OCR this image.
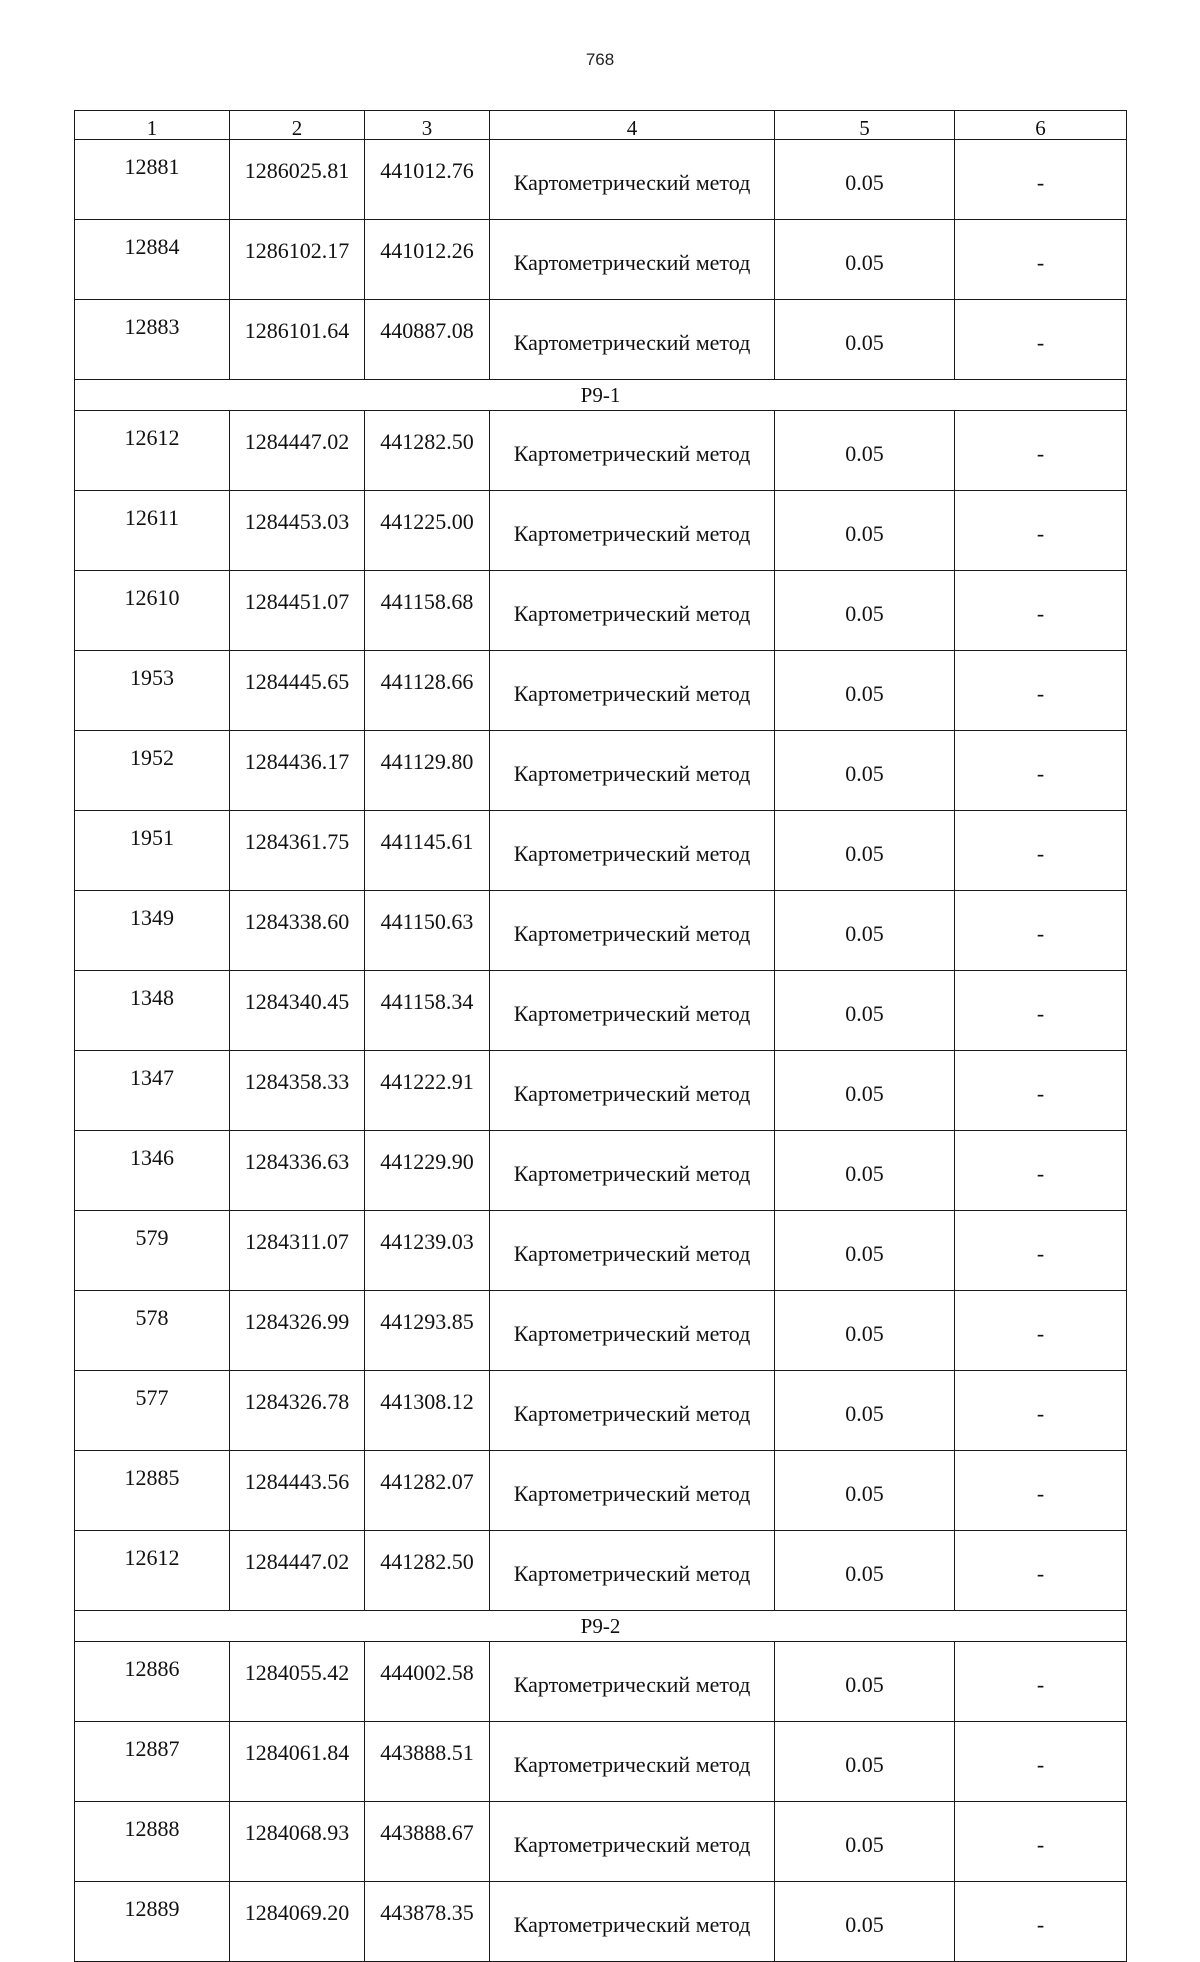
768
1	2	3	4	5	6
12881	1286025.81	441012.76	Картометрический метод	0.05	-
12884	1286102.17	441012.26	Картометрический метод	0.05	-
12883	1286101.64	440887.08	Картометрический метод	0.05	-
Р9-1					
12612	1284447.02	441282.50	Картометрический метод	0.05	-
12611	1284453.03	441225.00	Картометрический метод	0.05	-
12610	1284451.07	441158.68	Картометрический метод	0.05	-
1953	1284445.65	441128.66	Картометрический метод	0.05	-
1952	1284436.17	441129.80	Картометрический метод	0.05	-
1951	1284361.75	441145.61	Картометрический метод	0.05	-
1349	1284338.60	441150.63	Картометрический метод	0.05	-
1348	1284340.45	441158.34	Картометрический метод	0.05	-
1347	1284358.33	441222.91	Картометрический метод	0.05	-
1346	1284336.63	441229.90	Картометрический метод	0.05	-
579	1284311.07	441239.03	Картометрический метод	0.05	-
578	1284326.99	441293.85	Картометрический метод	0.05	-
577	1284326.78	441308.12	Картометрический метод	0.05	-
12885	1284443.56	441282.07	Картометрический метод	0.05	-
12612	1284447.02	441282.50	Картометрический метод	0.05	-
Р9-2					
12886	1284055.42	444002.58	Картометрический метод	0.05	-
12887	1284061.84	443888.51	Картометрический метод	0.05	-
12888	1284068.93	443888.67	Картометрический метод	0.05	-
12889	1284069.20	443878.35	Картометрический метод	0.05	-
